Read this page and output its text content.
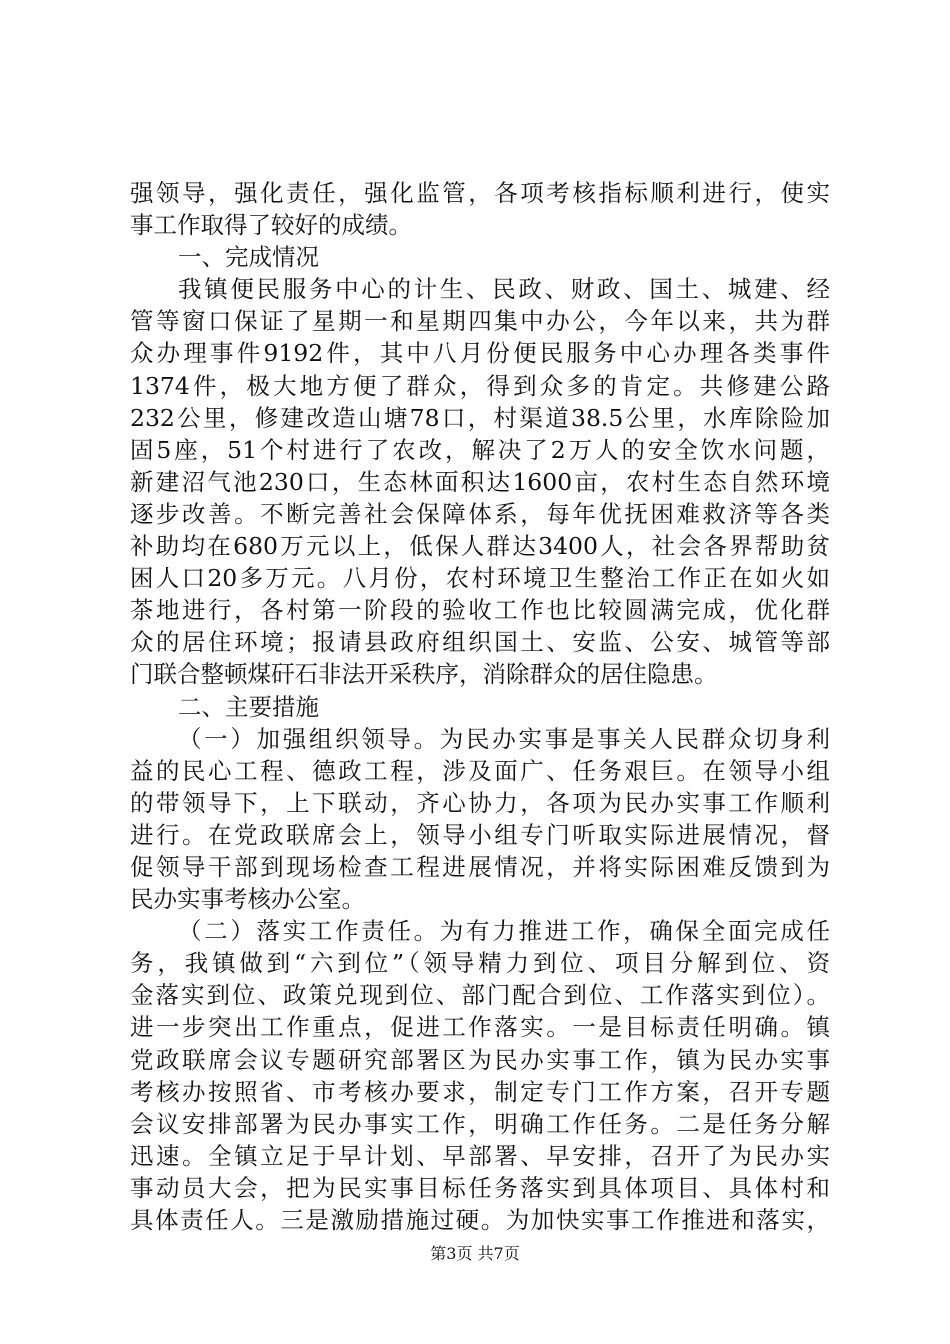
强领导，强化责任，强化监管，各项考核指标顺利进行，使实
事工作取得了较好的成绩。
一、完成情况
我镇便民服务中心的计生、民政、财政、国土、城建、经
管等窗口保证了星期一和星期四集中办公，今年以来，共为群
众办理事件9192件，其中八月份便民服务中心办理各类事件
1374件，极大地方便了群众，得到众多的肯定。共修建公路
232公里，修建改造山塘78口，村渠道38.5公里，水库除险加
固5座，51个村进行了农改，解决了2万人的安全饮水问题，
新建沼气池230口，生态林面积达1600亩，农村生态自然环境
逐步改善。不断完善社会保障体系，每年优抚困难救济等各类
补助均在680万元以上，低保人群达3400人，社会各界帮助贫
困人口20多万元。八月份，农村环境卫生整治工作正在如火如
茶地进行，各村第一阶段的验收工作也比较圆满完成，优化群
众的居住环境；报请县政府组织国土、安监、公安、城管等部
门联合整顿煤矸石非法开采秩序，消除群众的居住隐患。
二、主要措施
（一）加强组织领导。为民办实事是事关人民群众切身利
益的民心工程、德政工程，涉及面广、任务艰巨。在领导小组
的带领导下，上下联动，齐心协力，各项为民办实事工作顺利
进行。在党政联席会上，领导小组专门听取实际进展情况，督
促领导干部到现场检查工程进展情况，并将实际困难反馈到为
民办实事考核办公室。
（二）落实工作责任。为有力推进工作，确保全面完成任
务，我镇做到“六到位”（领导精力到位、项目分解到位、资
金落实到位、政策兑现到位、部门配合到位、工作落实到位）。
进一步突出工作重点，促进工作落实。一是目标责任明确。镇
党政联席会议专题研究部署区为民办实事工作，镇为民办实事
考核办按照省、市考核办要求，制定专门工作方案，召开专题
会议安排部署为民办事实工作，明确工作任务。二是任务分解
迅速。全镇立足于早计划、早部署、早安排，召开了为民办实
事动员大会，把为民实事目标任务落实到具体项目、具体村和
具体责任人。三是激励措施过硬。为加快实事工作推进和落实，
第3页 共7页
